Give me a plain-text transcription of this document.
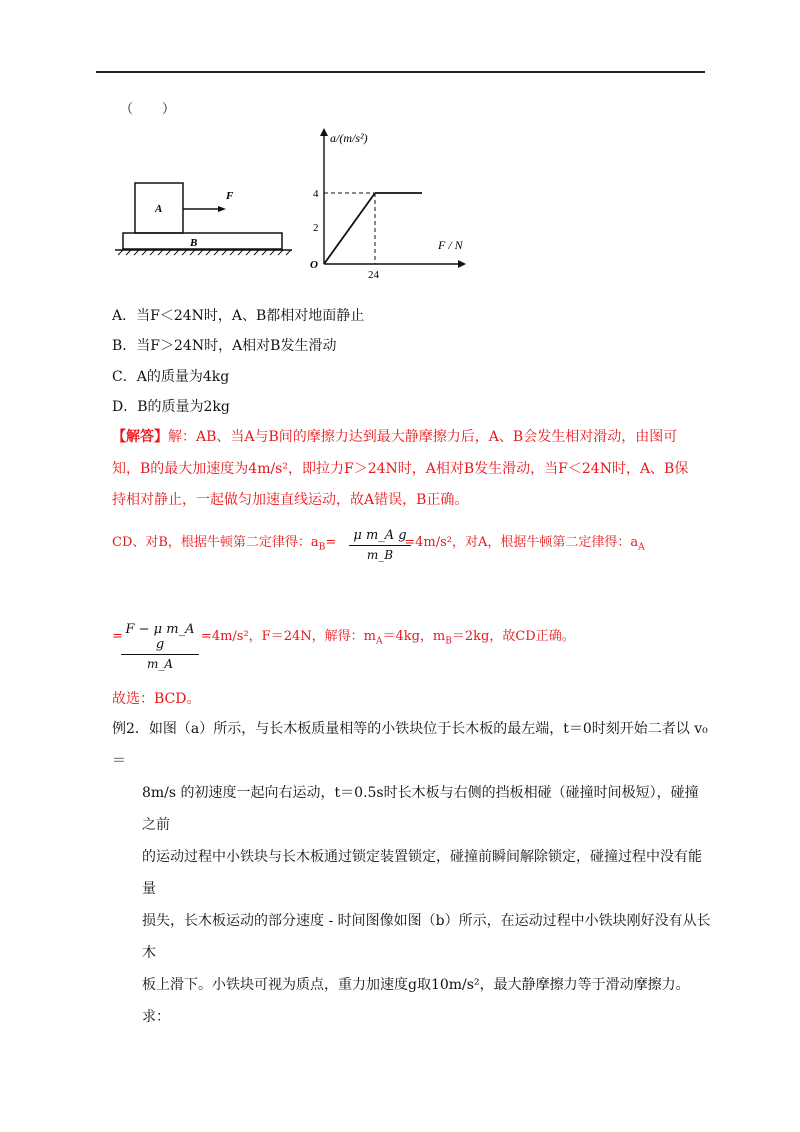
（　　）
A
B
F
a/(m/s²)
F / N
O
4
2
24
A．当F＜24N时，A、B都相对地面静止
B．当F＞24N时，A相对B发生滑动
C．A的质量为4kg
D．B的质量为2kg
【解答】解：AB、当A与B间的摩擦力达到最大静摩擦力后，A、B会发生相对滑动，由图可
知，B的最大加速度为4m/s²，即拉力F＞24N时，A相对B发生滑动，当F＜24N时，A、B保
持相对静止，一起做匀加速直线运动，故A错误，B正确。
CD、对B，根据牛顿第二定律得：$a_B=$	=4m/s²，对A，根据牛顿第二定律得：$a_A$
μ m_A g
m_B
=	=4m/s²，F＝24N，解得：$m_A=4kg$，$m_B=2kg$，故CD正确。
F − μ m_A g
m_A
故选：BCD。

例2．如图（a）所示，与长木板质量相等的小铁块位于长木板的最左端，t＝0时刻开始二者以 v₀＝

8m/s 的初速度一起向右运动，t＝0.5s时长木板与右侧的挡板相碰（碰撞时间极短），碰撞之前

的运动过程中小铁块与长木板通过锁定装置锁定，碰撞前瞬间解除锁定，碰撞过程中没有能量

损失，长木板运动的部分速度 - 时间图像如图（b）所示，在运动过程中小铁块刚好没有从长木

板上滑下。小铁块可视为质点，重力加速度g取10m/s²，最大静摩擦力等于滑动摩擦力。求：
